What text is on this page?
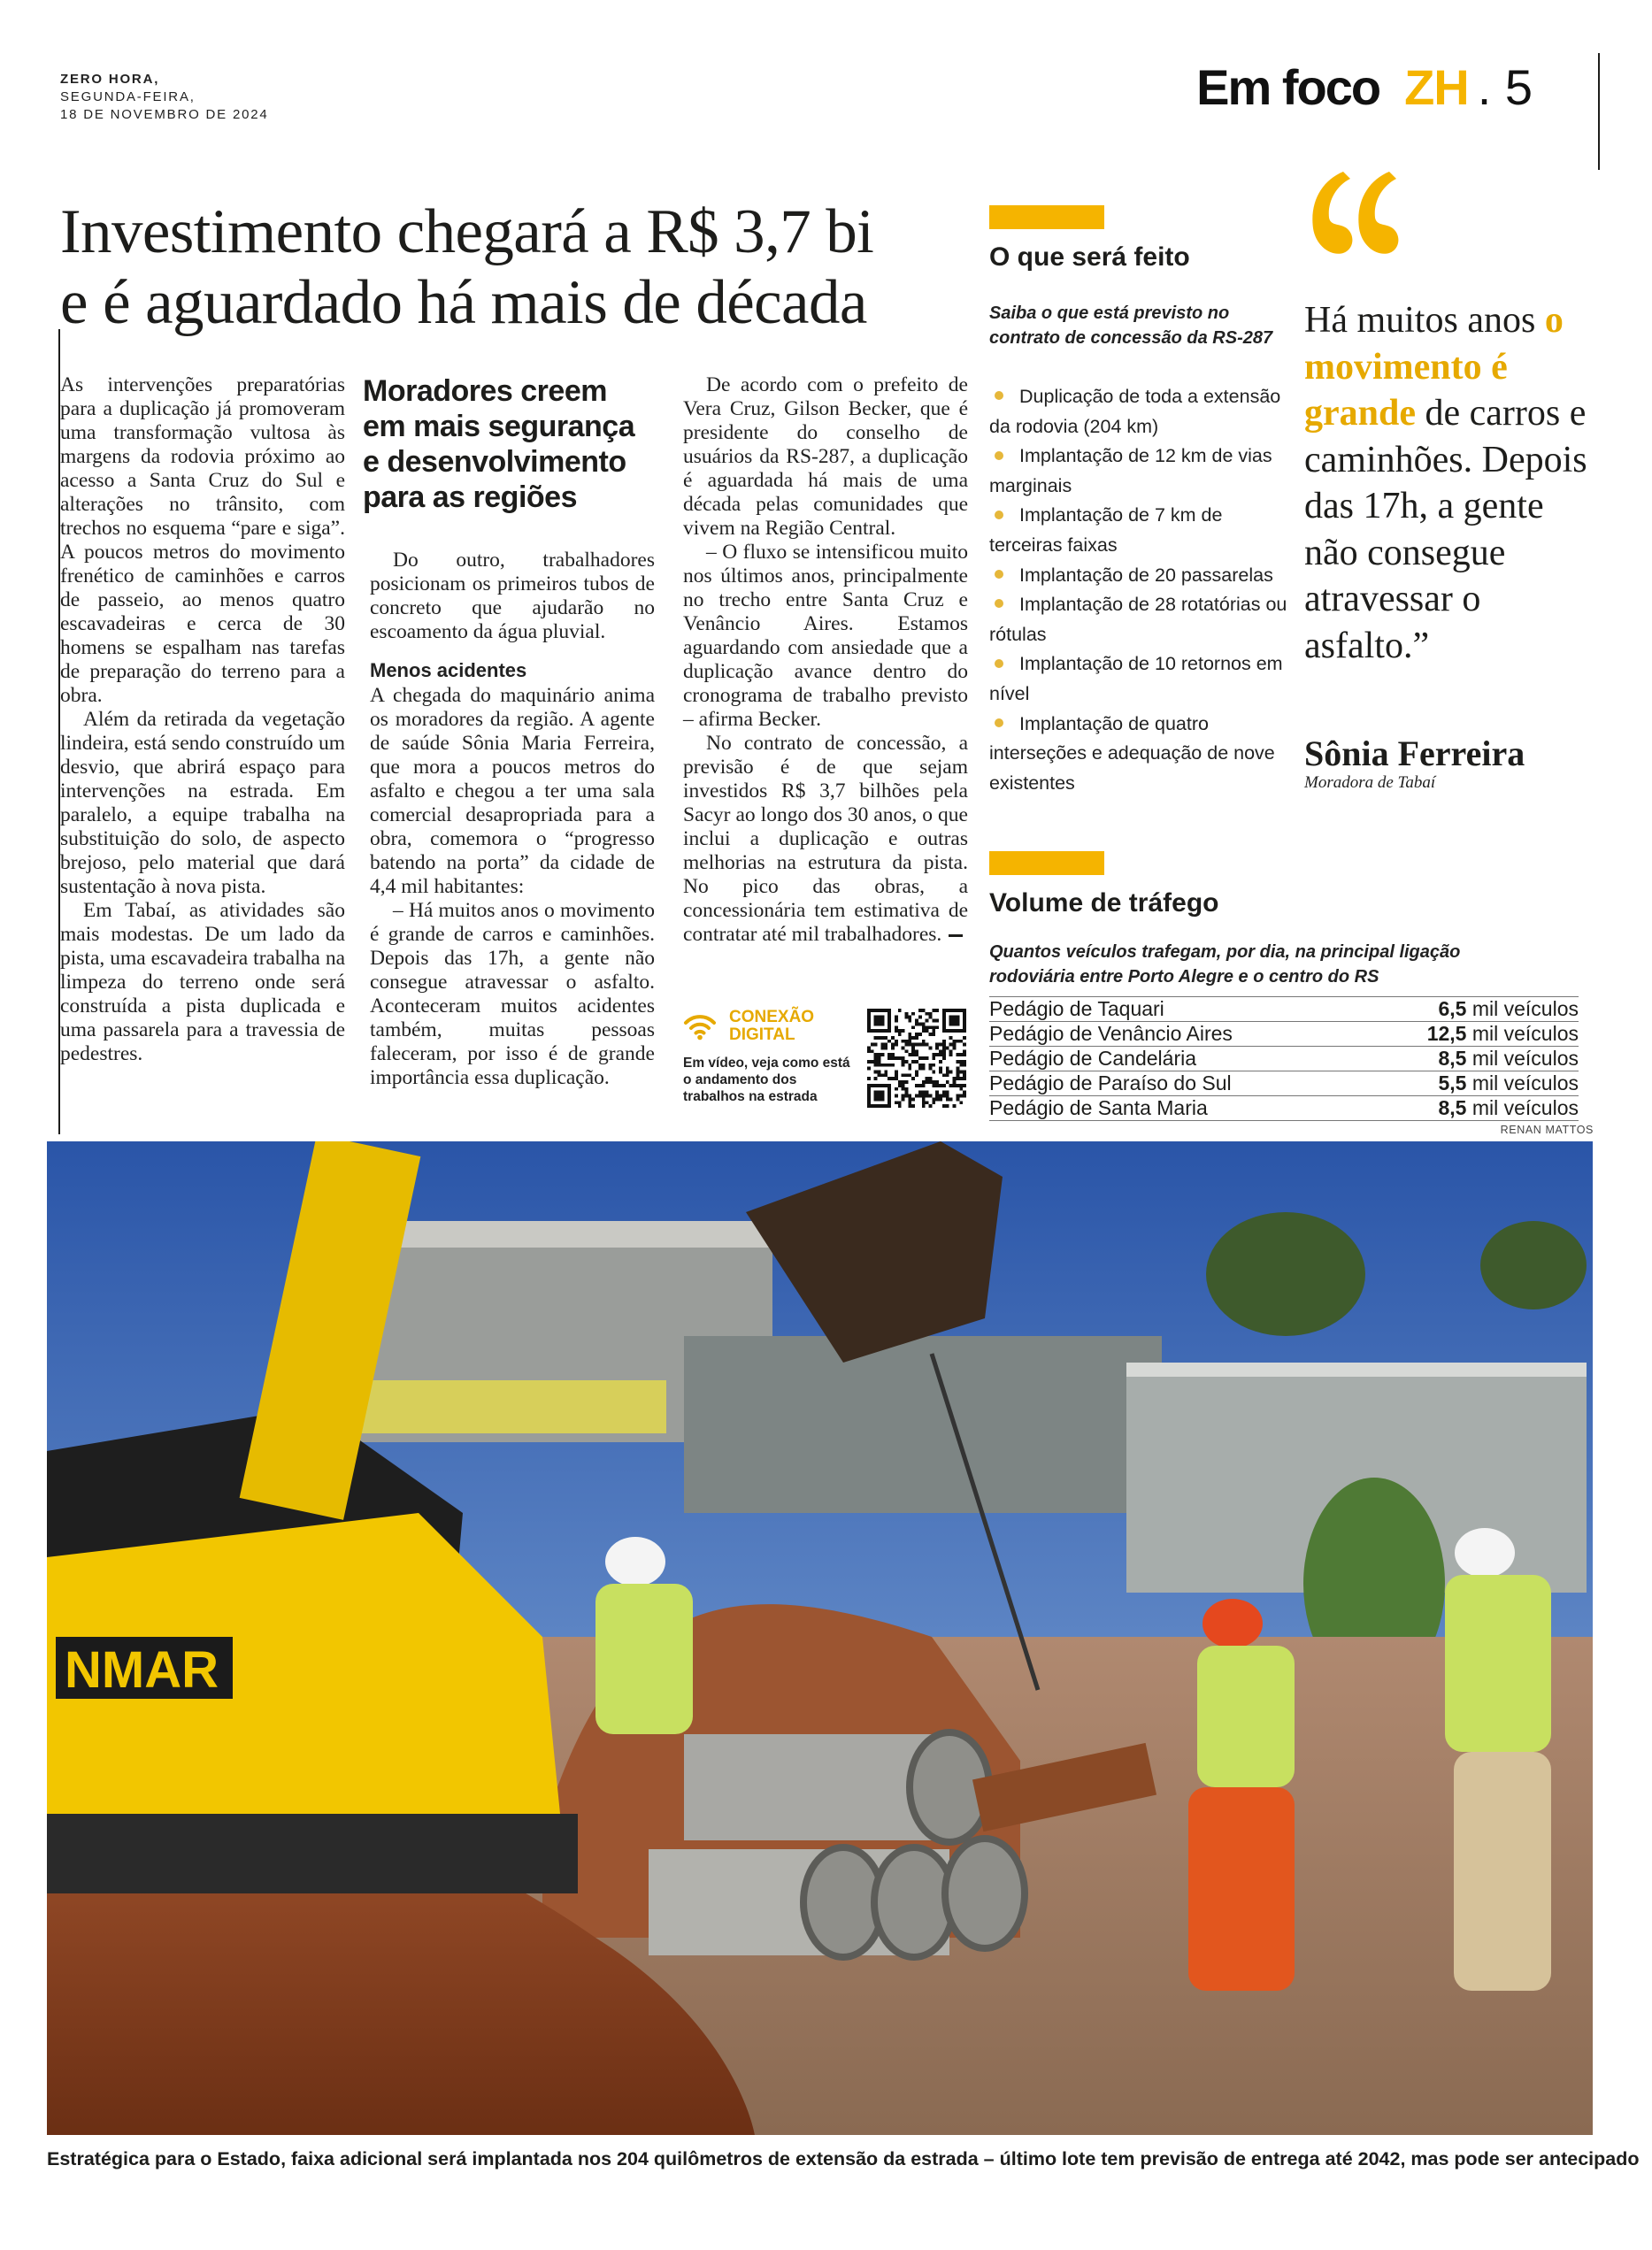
ZERO HORA,
SEGUNDA-FEIRA,
18 DE NOVEMBRO DE 2024	Em foco ZH . 5
Investimento chegará a R$ 3,7 bi
e é aguardado há mais de década

As intervenções preparatórias para a duplicação já promoveram uma transformação vultosa às margens da rodovia próximo ao acesso a Santa Cruz do Sul e alterações no trânsito, com trechos no esquema “pare e siga”. A poucos metros do movimento frenético de caminhões e carros de passeio, ao menos quatro escavadeiras e cerca de 30 homens se espalham nas tarefas de preparação do terreno para a obra.

Além da retirada da vegetação lindeira, está sendo construído um desvio, que abrirá espaço para intervenções na estrada. Em paralelo, a equipe trabalha na substituição do solo, de aspecto brejoso, pelo material que dará sustentação à nova pista.

Em Tabaí, as atividades são mais modestas. De um lado da pista, uma escavadeira trabalha na limpeza do terreno onde será construída a pista duplicada e uma passarela para a travessia de pedestres.

Moradores creem em mais segurança e desenvolvimento para as regiões

Do outro, trabalhadores posicionam os primeiros tubos de concreto que ajudarão no escoamento da água pluvial.

Menos acidentes

A chegada do maquinário anima os moradores da região. A agente de saúde Sônia Maria Ferreira, que mora a poucos metros do asfalto e chegou a ter uma sala comercial desapropriada para a obra, comemora o “progresso batendo na porta” da cidade de 4,4 mil habitantes:

– Há muitos anos o movimento é grande de carros e caminhões. Depois das 17h, a gente não consegue atravessar o asfalto. Aconteceram muitos acidentes também, muitas pessoas faleceram, por isso é de grande importância essa duplicação.

De acordo com o prefeito de Vera Cruz, Gilson Becker, que é presidente do conselho de usuários da RS-287, a duplicação é aguardada há mais de uma década pelas comunidades que vivem na Região Central.

– O fluxo se intensificou muito nos últimos anos, principalmente no trecho entre Santa Cruz e Venâncio Aires. Estamos aguardando com ansiedade que a duplicação avance dentro do cronograma de trabalho previsto – afirma Becker.

No contrato de concessão, a previsão é de que sejam investidos R$ 3,7 bilhões pela Sacyr ao longo dos 30 anos, o que inclui a duplicação e outras melhorias na estrutura da pista. No pico das obras, a concessionária tem estimativa de contratar até mil trabalhadores.

CONEXÃO
DIGITAL
Em vídeo, veja como está o andamento dos trabalhos na estrada
O que será feito
Saiba o que está previsto no contrato de concessão da RS-287
Duplicação de toda a extensão da rodovia (204 km)
Implantação de 12 km de vias marginais
Implantação de 7 km de terceiras faixas
Implantação de 20 passarelas
Implantação de 28 rotatórias ou rótulas
Implantação de 10 retornos em nível
Implantação de quatro interseções e adequação de nove existentes
Volume de tráfego
Quantos veículos trafegam, por dia, na principal ligação rodoviária entre Porto Alegre e o centro do RS
Pedágio de Taquari	6,5 mil veículos
Pedágio de Venâncio Aires	12,5 mil veículos
Pedágio de Candelária	8,5 mil veículos
Pedágio de Paraíso do Sul	5,5 mil veículos
Pedágio de Santa Maria	8,5 mil veículos
RENAN MATTOS
Há muitos anos o movimento é grande de carros e caminhões. Depois das 17h, a gente não consegue atravessar o asfalto.”
Sônia Ferreira
Moradora de Tabaí
NMAR
Estratégica para o Estado, faixa adicional será implantada nos 204 quilômetros de extensão da estrada – último lote tem previsão de entrega até 2042, mas pode ser antecipado
